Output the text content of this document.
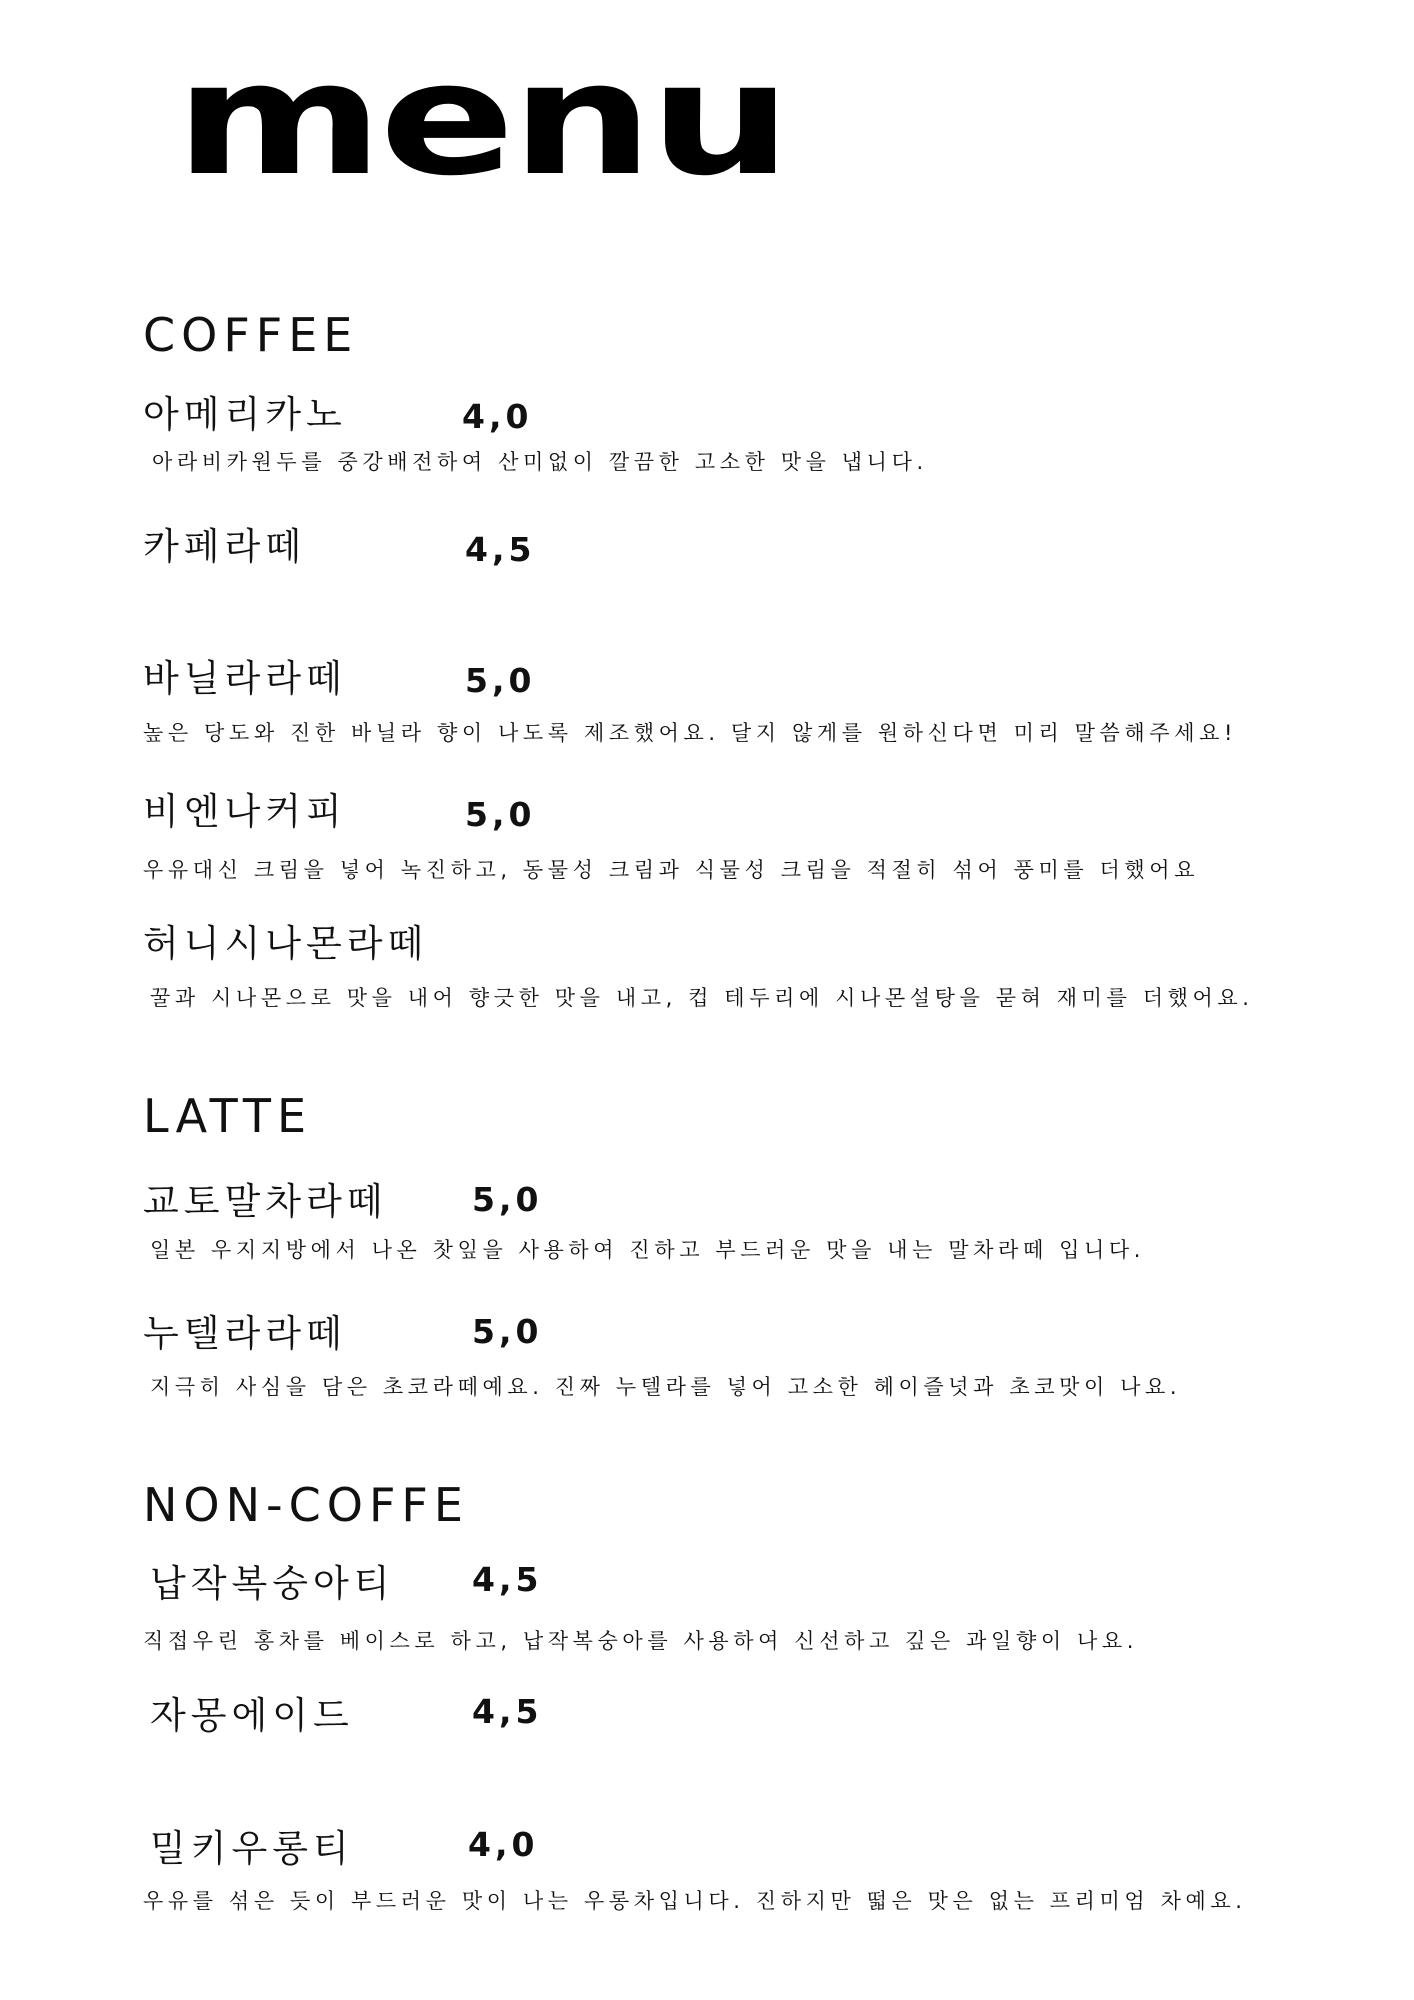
menu
COFFEE
아메리카노	4,0
아라비카원두를 중강배전하여 산미없이 깔끔한 고소한 맛을 냅니다.
카페라떼	4,5
바닐라라떼	5,0
높은 당도와 진한 바닐라 향이 나도록 제조했어요. 달지 않게를 원하신다면 미리 말씀해주세요!
비엔나커피	5,0
우유대신 크림을 넣어 녹진하고, 동물성 크림과 식물성 크림을 적절히 섞어 풍미를 더했어요
허니시나몬라떼
꿀과 시나몬으로 맛을 내어 향긋한 맛을 내고, 컵 테두리에 시나몬설탕을 묻혀 재미를 더했어요.
LATTE
교토말차라떼	5,0
일본 우지지방에서 나온 찻잎을 사용하여 진하고 부드러운 맛을 내는 말차라떼 입니다.
누텔라라떼	5,0
지극히 사심을 담은 초코라떼예요. 진짜 누텔라를 넣어 고소한 헤이즐넛과 초코맛이 나요.
NON-COFFE
납작복숭아티 4,5
직접우린 홍차를 베이스로 하고, 납작복숭아를 사용하여 신선하고 깊은 과일향이 나요.
자몽에이드	4,5
밀키우롱티	4,0
우유를 섞은 듯이 부드러운 맛이 나는 우롱차입니다. 진하지만 떫은 맛은 없는 프리미엄 차예요.
